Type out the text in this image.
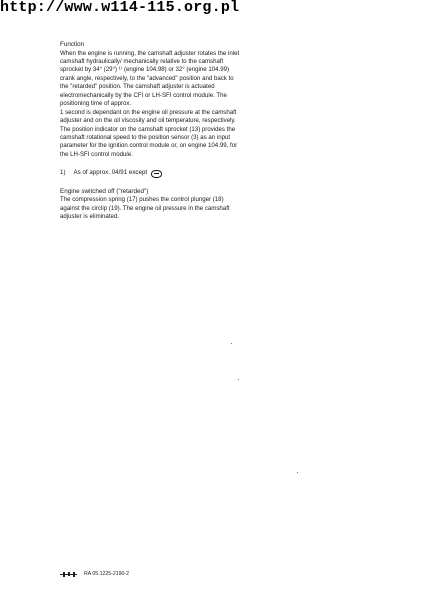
http://www.w114-115.org.pl

Function

When the engine is running, the camshaft adjuster rotates the inlet camshaft hydraulically/ mechanically relative to the camshaft sprocket by 34° (29°) ¹⁾ (engine 104.98) or 32° (engine 104.99) crank angle, respectively, to the "advanced" position and back to the "retarded" position. The camshaft adjuster is actuated electromechanically by the CFI or LH-SFI control module. The positioning time of approx.

1 second is dependant on the engine oil pressure at the camshaft adjuster and on the oil viscosity and oil temperature, respectively. The position indicator on the camshaft sprocket (13) provides the camshaft rotational speed to the position sensor (3) as an input parameter for the ignition control module or, on engine 104.99, for the LH-SFI control module.

1) As of approx. 04/91 except

Engine switched off ("retarded")

The compression spring (17) pushes the control plunger (18) against the circlip (19). The engine oil pressure in the camshaft adjuster is eliminated.

RA 05.1225-2190-2
